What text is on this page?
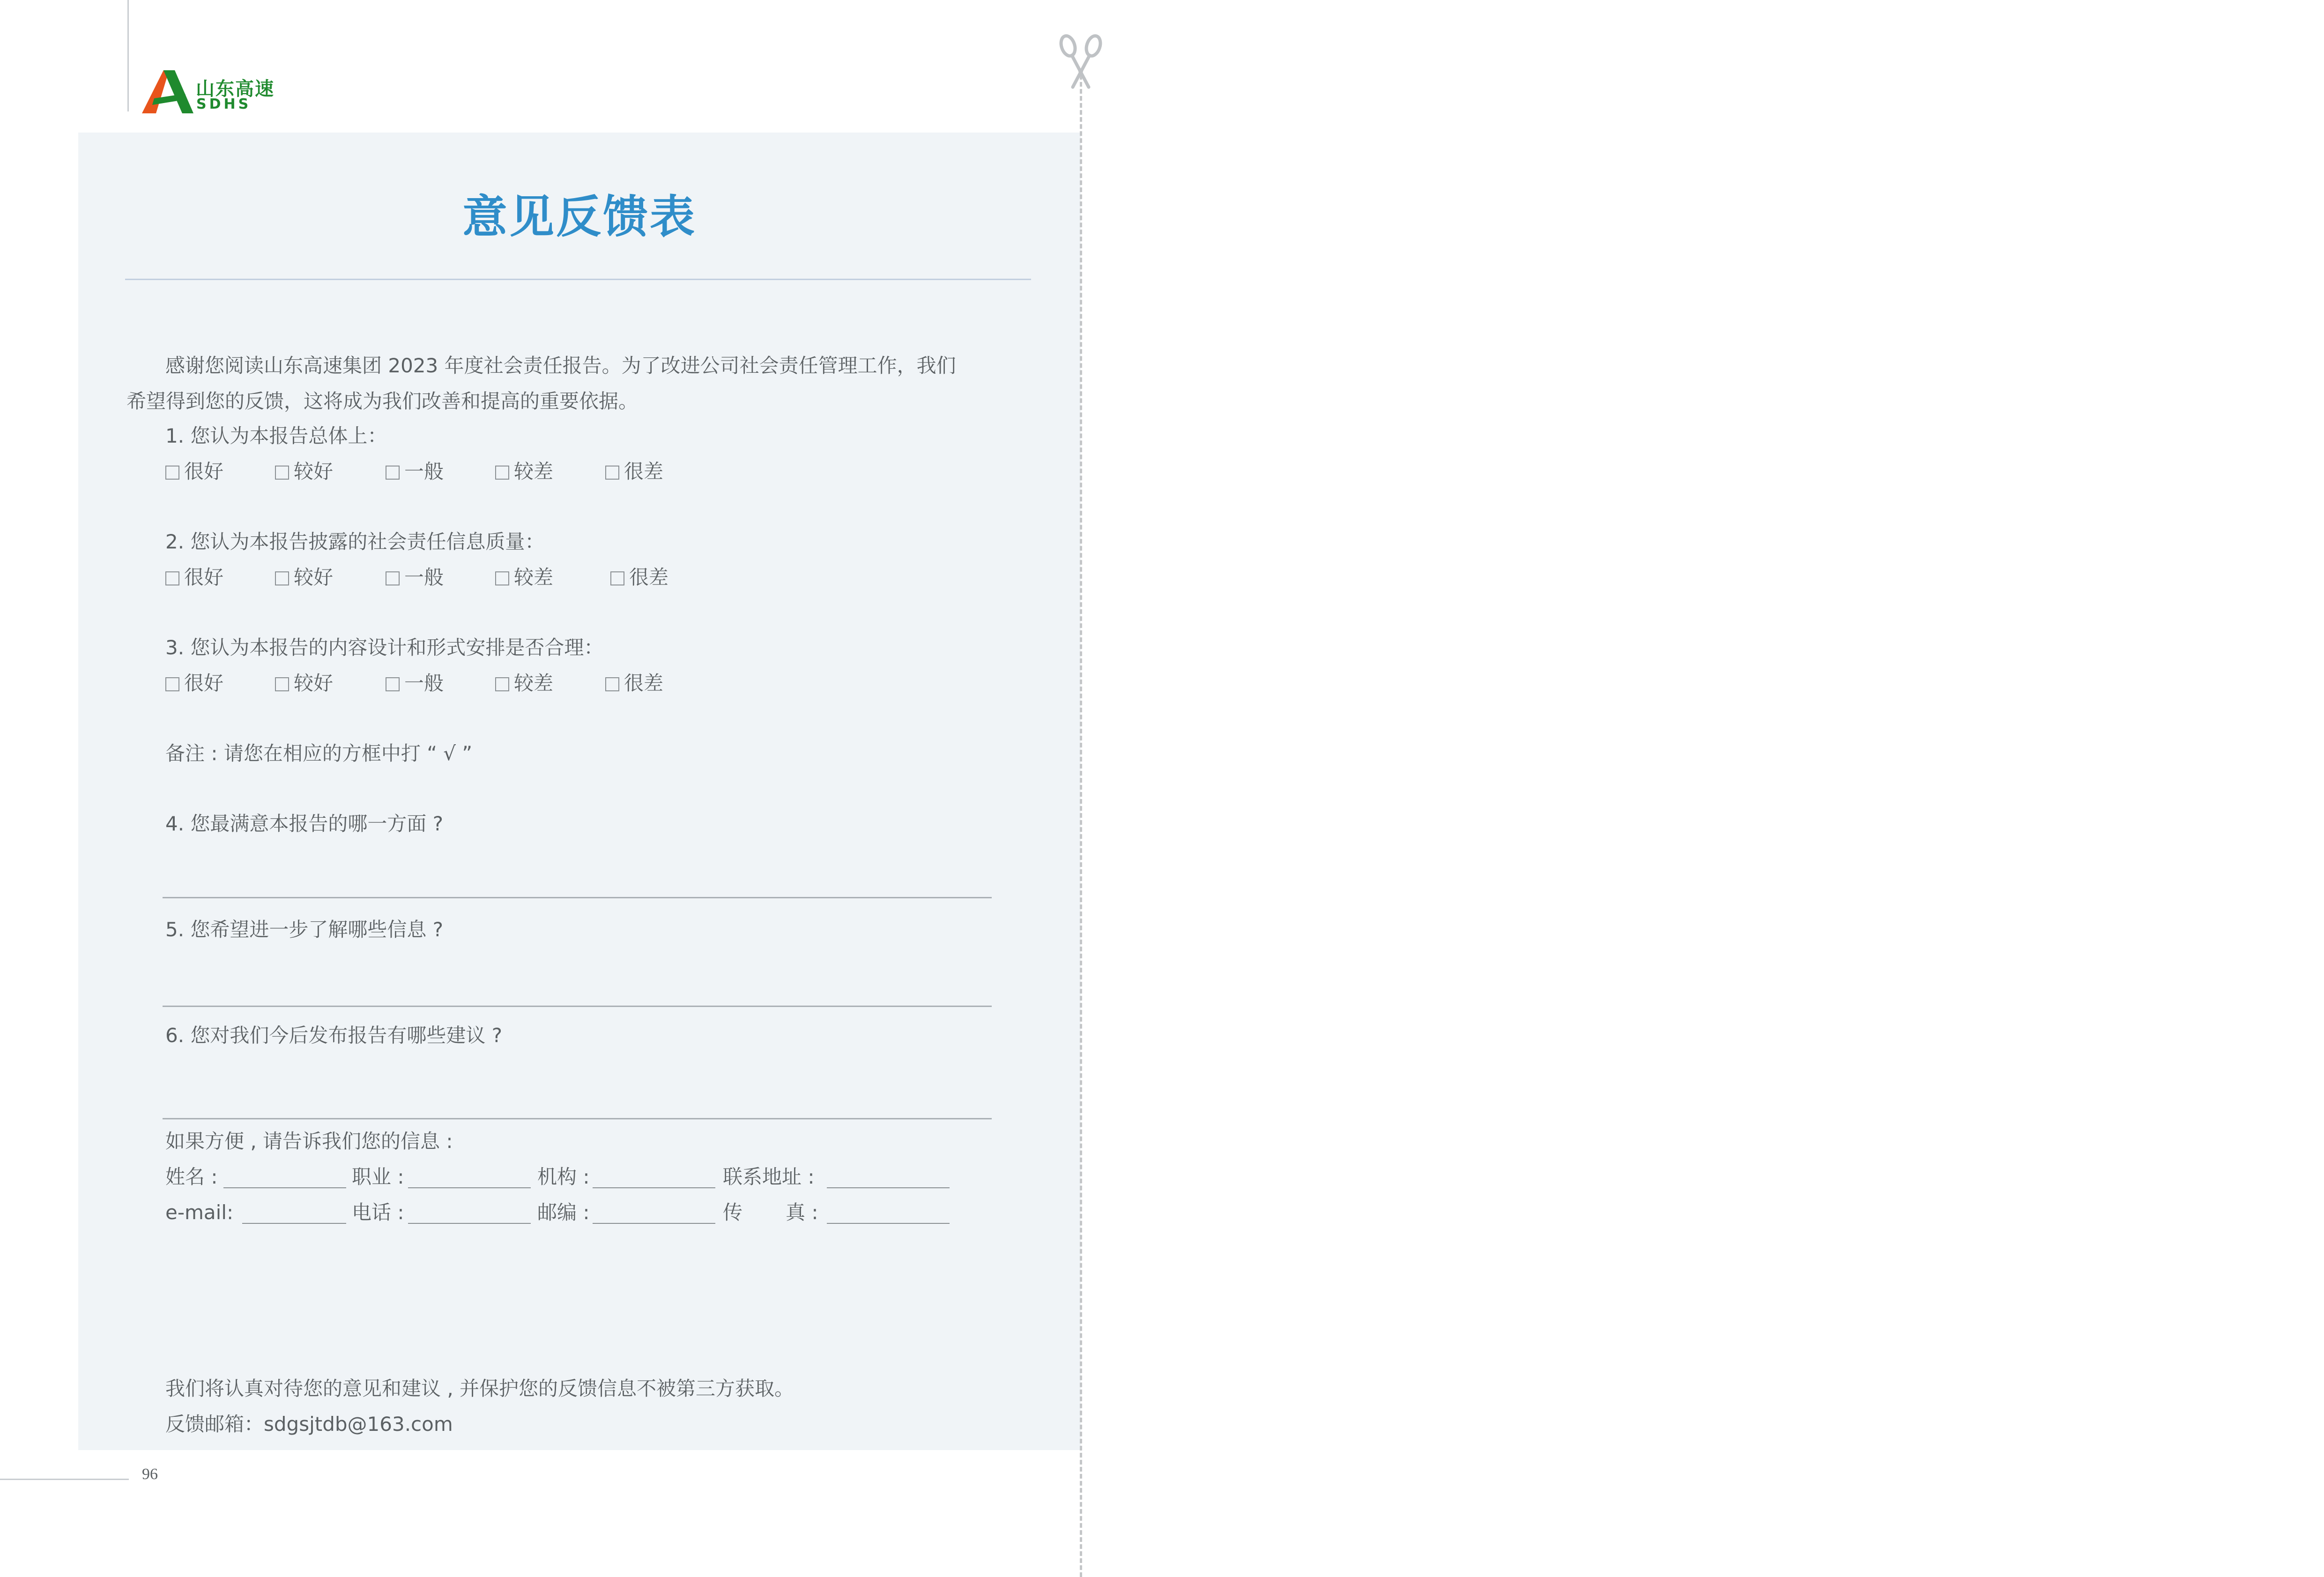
山东高速
SDHS
意见反馈表
感谢您阅读山东高速集团 2023 年度社会责任报告。为了改进公司社会责任管理工作，我们
希望得到您的反馈，这将成为我们改善和提高的重要依据。
1. 您认为本报告总体上：
很好	较好	一般	较差	很差
2. 您认为本报告披露的社会责任信息质量：
很好	较好	一般	较差	很差
3. 您认为本报告的内容设计和形式安排是否合理：
很好	较好	一般	较差	很差
备注 : 请您在相应的方框中打 “ √ ”
4. 您最满意本报告的哪一方面 ?
5. 您希望进一步了解哪些信息 ?
6. 您对我们今后发布报告有哪些建议 ?
如果方便 , 请告诉我们您的信息 :
姓名 :	职业 :	机构 :	联系地址 :
e-mail:	电话 :	邮编 :	传 真 :
我们将认真对待您的意见和建议 , 并保护您的反馈信息不被第三方获取。
反馈邮箱：sdgsjtdb@163.com
96
